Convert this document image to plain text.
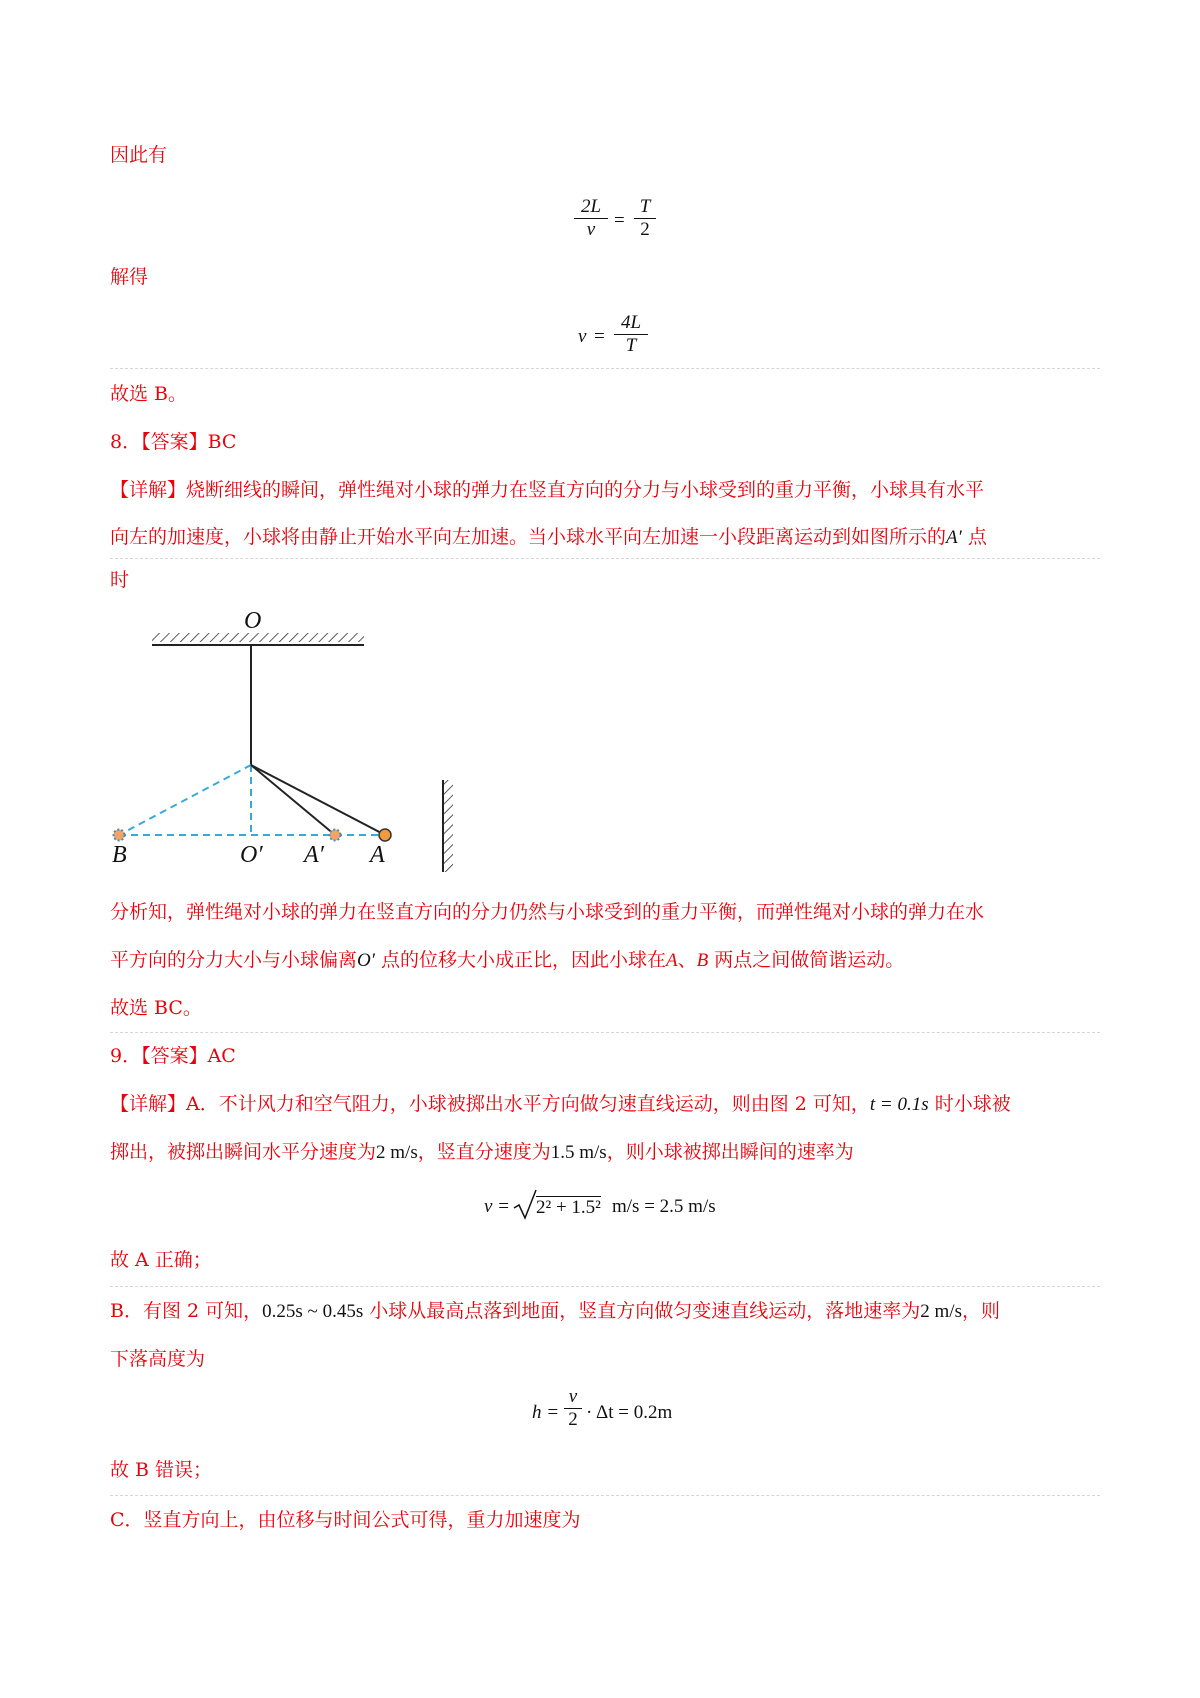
因此有
2L
v =
T
2
解得
v =
4L
T
故选 B。
8．【答案】BC
【详解】烧断细线的瞬间，弹性绳对小球的弹力在竖直方向的分力与小球受到的重力平衡，小球具有水平
向左的加速度，小球将由静止开始水平向左加速。当小球水平向左加速一小段距离运动到如图所示的A′ 点
时
O
B	O′ A′ A
分析知，弹性绳对小球的弹力在竖直方向的分力仍然与小球受到的重力平衡，而弹性绳对小球的弹力在水
平方向的分力大小与小球偏离O′ 点的位移大小成正比，因此小球在A、B 两点之间做简谐运动。
故选 BC。
9．【答案】AC
【详解】A．不计风力和空气阻力，小球被掷出水平方向做匀速直线运动，则由图 2 可知，t = 0.1s 时小球被
掷出，被掷出瞬间水平分速度为2 m/s，竖直分速度为1.5 m/s，则小球被掷出瞬间的速率为
v = 2² + 1.5² m/s = 2.5 m/s
故 A 正确；
B．有图 2 可知，0.25s ~ 0.45s 小球从最高点落到地面，竖直方向做匀变速直线运动，落地速率为2 m/s，则
下落高度为
h =
v
2 · Δt = 0.2m
故 B 错误；
C．竖直方向上，由位移与时间公式可得，重力加速度为
